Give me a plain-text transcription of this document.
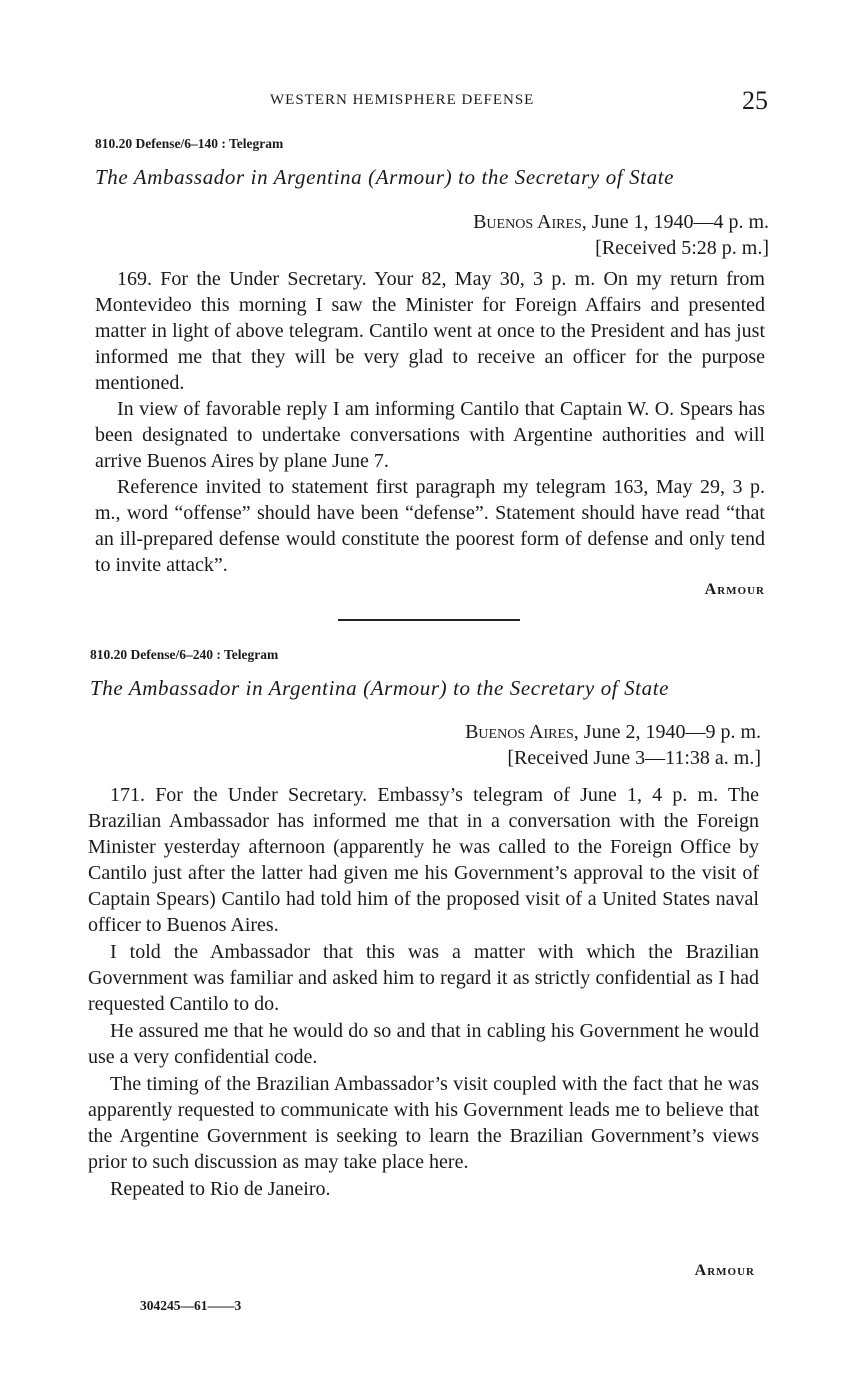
WESTERN HEMISPHERE DEFENSE	25
810.20 Defense/6–140 : Telegram
The Ambassador in Argentina (Armour) to the Secretary of State
Buenos Aires, June 1, 1940—4 p. m.
[Received 5:28 p. m.]

169. For the Under Secretary. Your 82, May 30, 3 p. m. On my return from Montevideo this morning I saw the Minister for Foreign Affairs and presented matter in light of above telegram. Cantilo went at once to the President and has just informed me that they will be very glad to receive an officer for the purpose mentioned.

In view of favorable reply I am informing Cantilo that Captain W. O. Spears has been designated to undertake conversations with Argentine authorities and will arrive Buenos Aires by plane June 7.

Reference invited to statement first paragraph my telegram 163, May 29, 3 p. m., word “offense” should have been “defense”. Statement should have read “that an ill-prepared defense would constitute the poorest form of defense and only tend to invite attack”.

Armour
810.20 Defense/6–240 : Telegram
The Ambassador in Argentina (Armour) to the Secretary of State
Buenos Aires, June 2, 1940—9 p. m.
[Received June 3—11:38 a. m.]

171. For the Under Secretary. Embassy’s telegram of June 1, 4 p. m. The Brazilian Ambassador has informed me that in a conversation with the Foreign Minister yesterday afternoon (apparently he was called to the Foreign Office by Cantilo just after the latter had given me his Government’s approval to the visit of Captain Spears) Cantilo had told him of the proposed visit of a United States naval officer to Buenos Aires.

I told the Ambassador that this was a matter with which the Brazilian Government was familiar and asked him to regard it as strictly confidential as I had requested Cantilo to do.

He assured me that he would do so and that in cabling his Government he would use a very confidential code.

The timing of the Brazilian Ambassador’s visit coupled with the fact that he was apparently requested to communicate with his Government leads me to believe that the Argentine Government is seeking to learn the Brazilian Government’s views prior to such discussion as may take place here.

Repeated to Rio de Janeiro.

Armour
304245—61——3
